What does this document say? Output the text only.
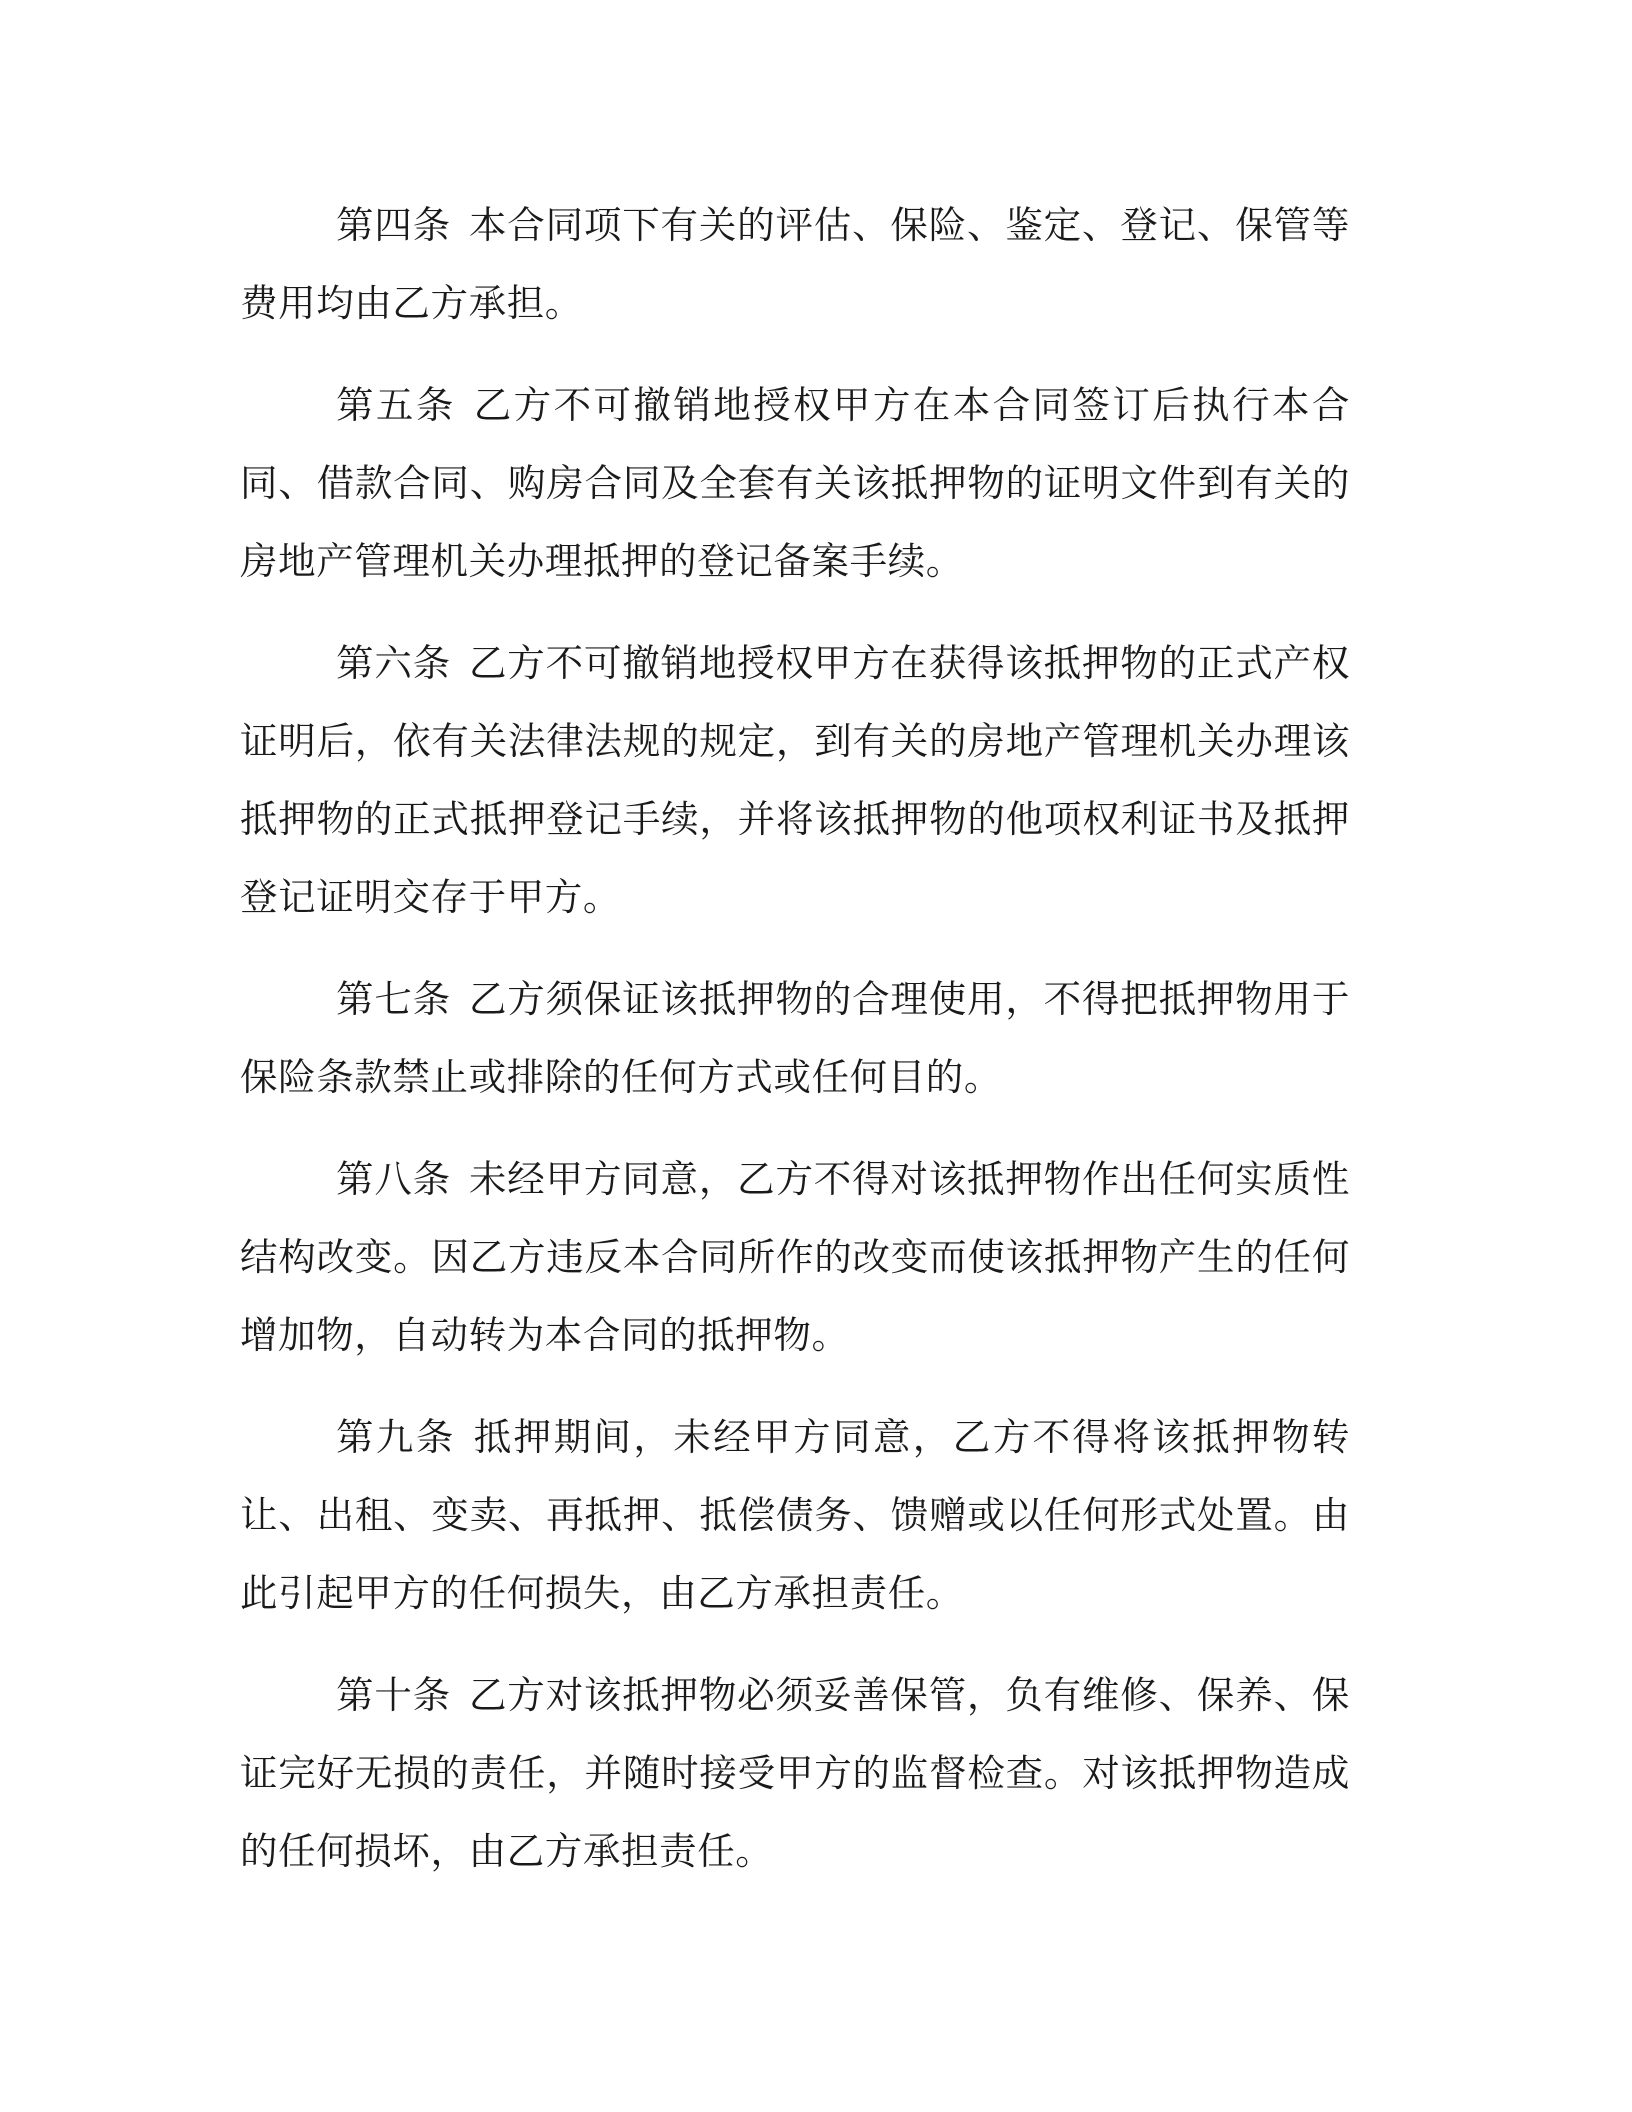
第四条 本合同项下有关的评估、保险、鉴定、登记、保管等费用均由乙方承担。

第五条 乙方不可撤销地授权甲方在本合同签订后执行本合同、借款合同、购房合同及全套有关该抵押物的证明文件到有关的房地产管理机关办理抵押的登记备案手续。

第六条 乙方不可撤销地授权甲方在获得该抵押物的正式产权证明后，依有关法律法规的规定，到有关的房地产管理机关办理该抵押物的正式抵押登记手续，并将该抵押物的他项权利证书及抵押登记证明交存于甲方。

第七条 乙方须保证该抵押物的合理使用，不得把抵押物用于保险条款禁止或排除的任何方式或任何目的。

第八条 未经甲方同意，乙方不得对该抵押物作出任何实质性结构改变。因乙方违反本合同所作的改变而使该抵押物产生的任何增加物，自动转为本合同的抵押物。

第九条 抵押期间，未经甲方同意，乙方不得将该抵押物转让、出租、变卖、再抵押、抵偿债务、馈赠或以任何形式处置。由此引起甲方的任何损失，由乙方承担责任。

第十条 乙方对该抵押物必须妥善保管，负有维修、保养、保证完好无损的责任，并随时接受甲方的监督检查。对该抵押物造成的任何损坏，由乙方承担责任。
